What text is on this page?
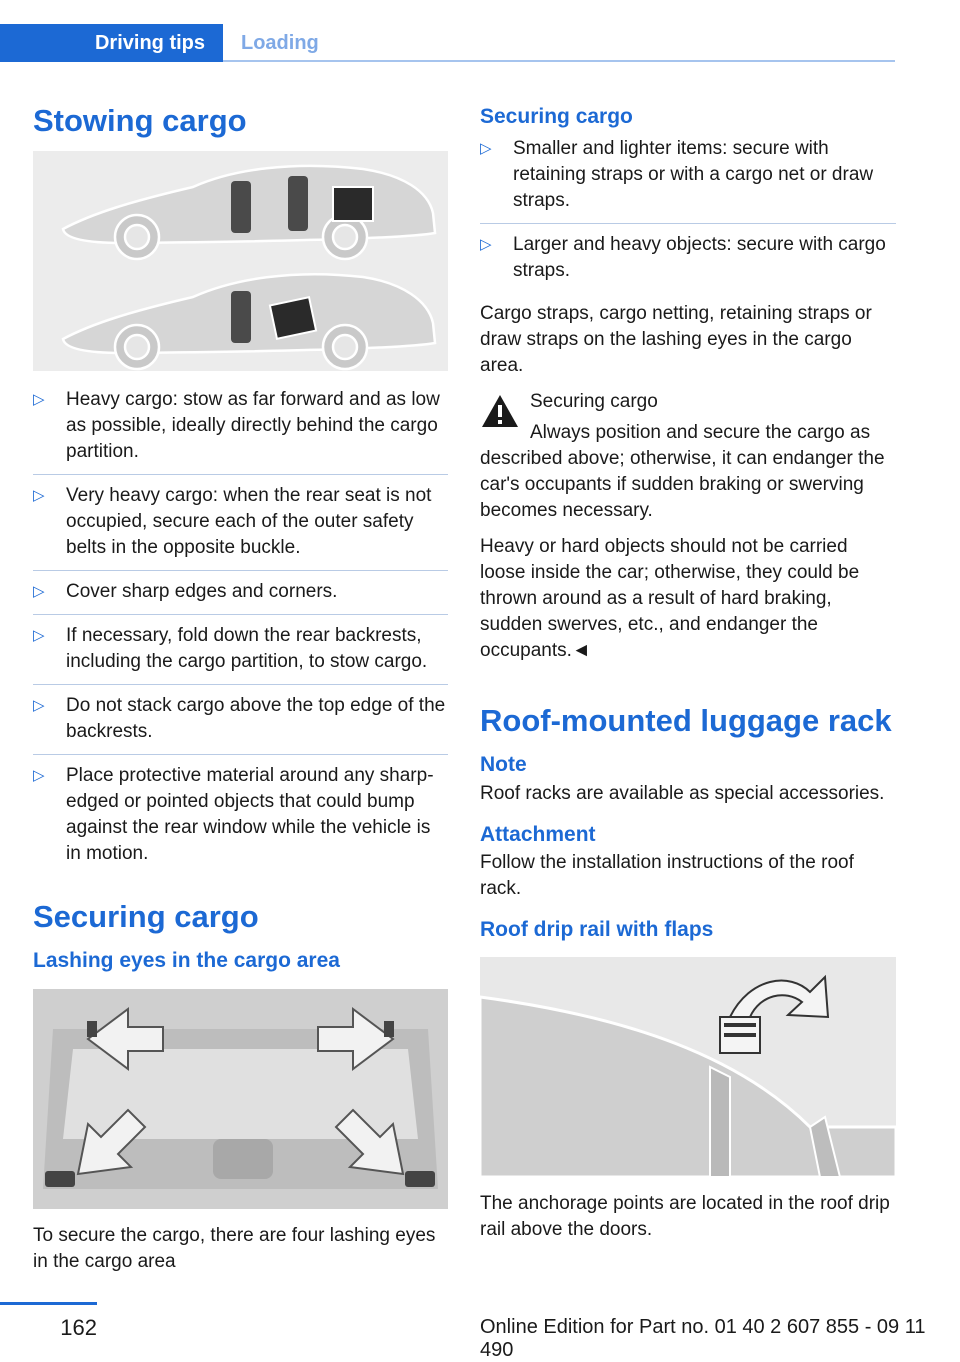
Driving tips	Loading
Stowing cargo
▷ Heavy cargo: stow as far forward and as low as possible, ideally directly behind the cargo partition.
▷ Very heavy cargo: when the rear seat is not occupied, secure each of the outer safety belts in the opposite buckle.
▷ Cover sharp edges and corners.
▷ If necessary, fold down the rear backrests, including the cargo partition, to stow cargo.
▷ Do not stack cargo above the top edge of the backrests.
▷ Place protective material around any sharp-edged or pointed objects that could bump against the rear window while the vehicle is in motion.
Securing cargo
Lashing eyes in the cargo area

To secure the cargo, there are four lashing eyes in the cargo area

Securing cargo
▷ Smaller and lighter items: secure with retaining straps or with a cargo net or draw straps.
▷ Larger and heavy objects: secure with cargo straps.

Cargo straps, cargo netting, retaining straps or draw straps on the lashing eyes in the cargo area.

Securing cargo

Always position and secure the cargo as described above; otherwise, it can endanger the car's occupants if sudden braking or swerving becomes necessary.

Heavy or hard objects should not be carried loose inside the car; otherwise, they could be thrown around as a result of hard braking, sudden swerves, etc., and endanger the occupants.◄

Roof-mounted luggage rack
Note

Roof racks are available as special accessories.

Attachment

Follow the installation instructions of the roof rack.

Roof drip rail with flaps

The anchorage points are located in the roof drip rail above the doors.

162	Online Edition for Part no. 01 40 2 607 855 - 09 11 490
